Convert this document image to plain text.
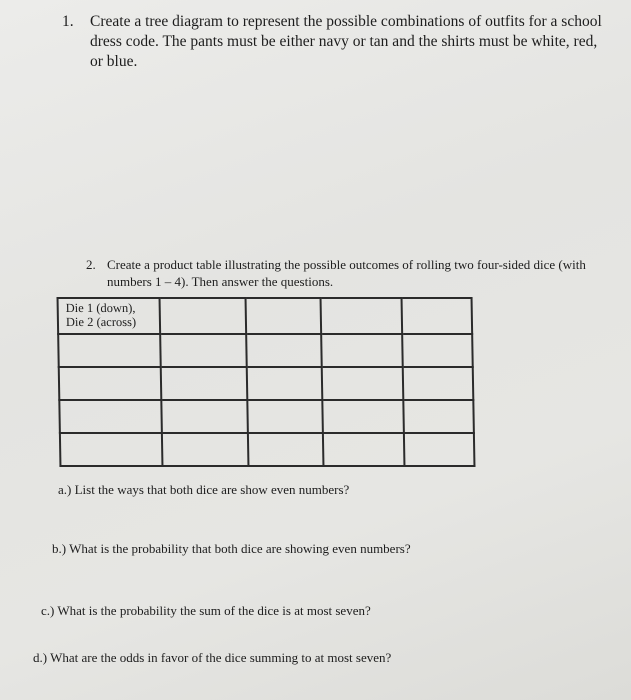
1. Create a tree diagram to represent the possible combinations of outfits for a school dress code. The pants must be either navy or tan and the shirts must be white, red, or blue.
2. Create a product table illustrating the possible outcomes of rolling two four-sided dice (with numbers 1 – 4). Then answer the questions.
Die 1 (down),
Die 2 (across)				

a.) List the ways that both dice are show even numbers?
b.) What is the probability that both dice are showing even numbers?
c.) What is the probability the sum of the dice is at most seven?
d.) What are the odds in favor of the dice summing to at most seven?
